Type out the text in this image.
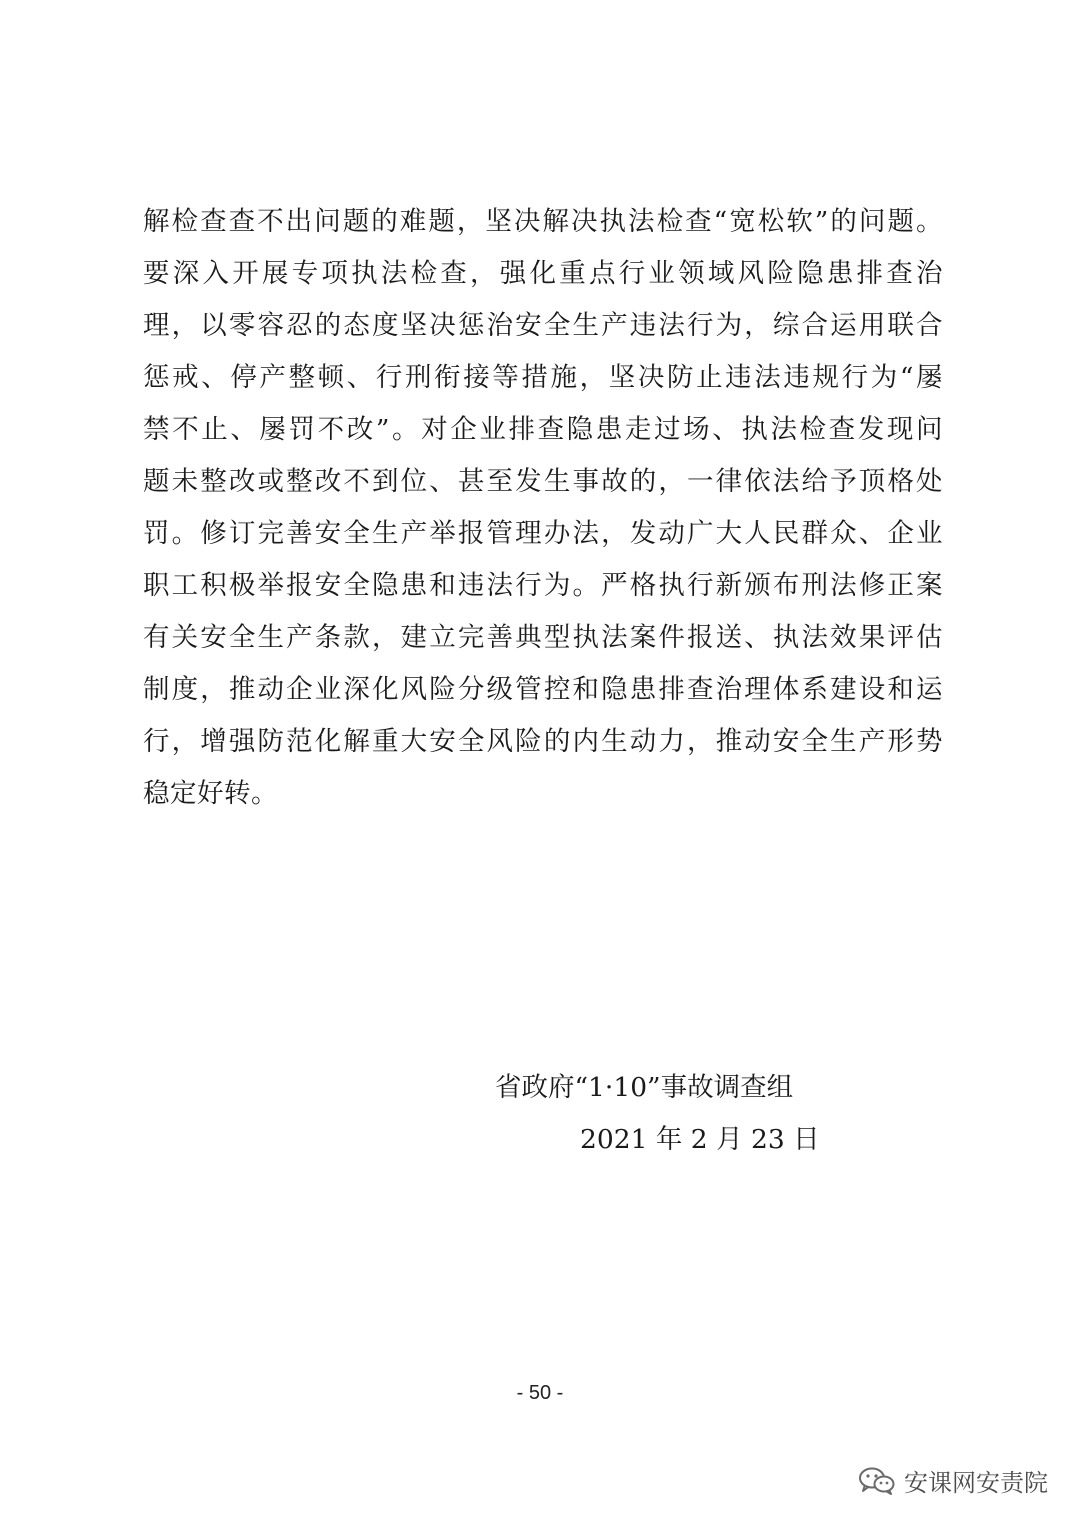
解检查查不出问题的难题，坚决解决执法检查“宽松软”的问题。
要深入开展专项执法检查，强化重点行业领域风险隐患排查治
理，以零容忍的态度坚决惩治安全生产违法行为，综合运用联合
惩戒、停产整顿、行刑衔接等措施，坚决防止违法违规行为“屡
禁不止、屡罚不改”。对企业排查隐患走过场、执法检查发现问
题未整改或整改不到位、甚至发生事故的，一律依法给予顶格处
罚。修订完善安全生产举报管理办法，发动广大人民群众、企业
职工积极举报安全隐患和违法行为。严格执行新颁布刑法修正案
有关安全生产条款，建立完善典型执法案件报送、执法效果评估
制度，推动企业深化风险分级管控和隐患排查治理体系建设和运
行，增强防范化解重大安全风险的内生动力，推动安全生产形势
稳定好转。
省政府“1·10”事故调查组
2021 年 2 月 23 日
- 50 -
安课网安责院
